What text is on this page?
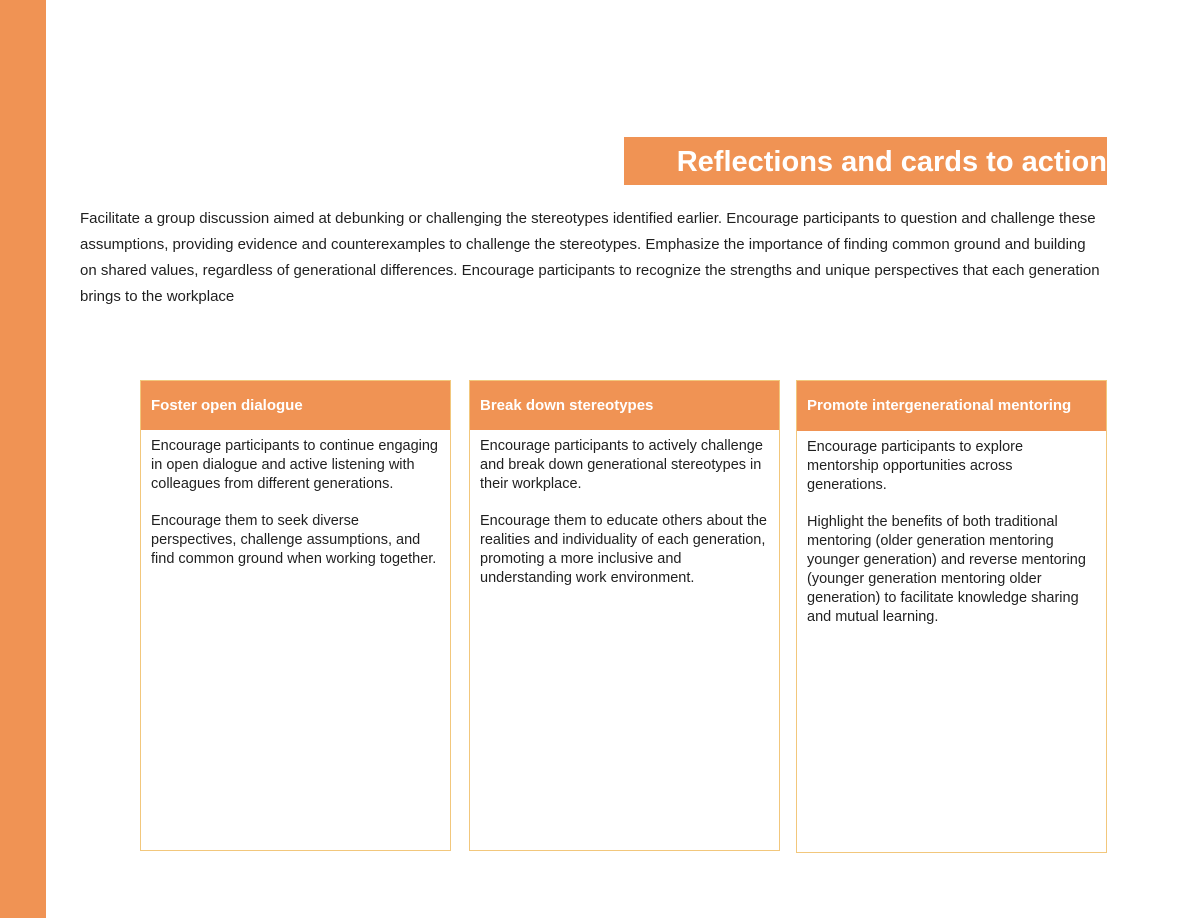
Reflections and cards to action

Facilitate a group discussion aimed at debunking or challenging the stereotypes identified earlier. Encourage participants to question and challenge these assumptions, providing evidence and counterexamples to challenge the stereotypes. Emphasize the importance of finding common ground and building on shared values, regardless of generational differences. Encourage participants to recognize the strengths and unique perspectives that each generation brings to the workplace

Foster open dialogue

Encourage participants to continue engaging in open dialogue and active listening with colleagues from different generations.

Encourage them to seek diverse perspectives, challenge assumptions, and find common ground when working together.

Break down stereotypes

Encourage participants to actively challenge and break down generational stereotypes in their workplace.

Encourage them to educate others about the realities and individuality of each generation, promoting a more inclusive and understanding work environment.

Promote intergenerational mentoring

Encourage participants to explore mentorship opportunities across generations.

Highlight the benefits of both traditional mentoring (older generation mentoring younger generation) and reverse mentoring (younger generation mentoring older generation) to facilitate knowledge sharing and mutual learning.
